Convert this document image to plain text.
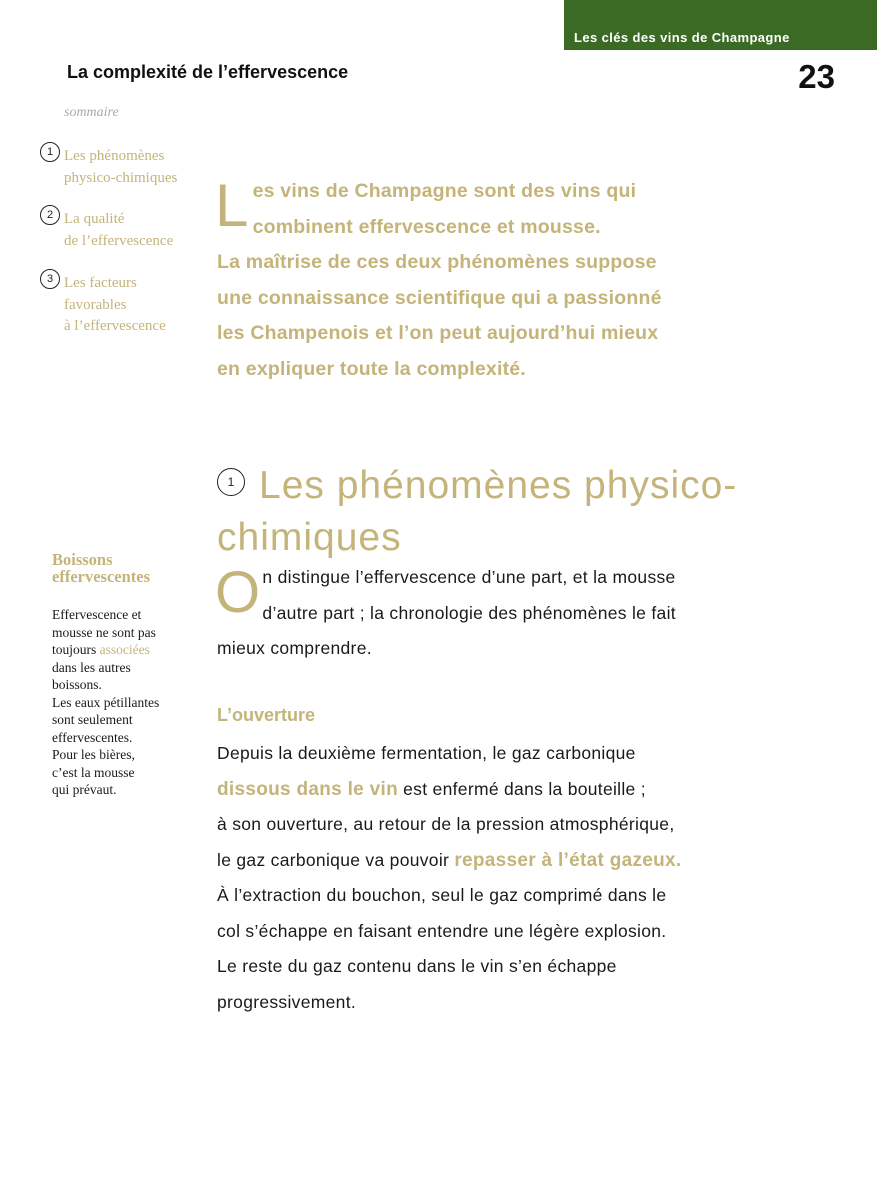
Les clés des vins de Champagne
La complexité de l’effervescence	23
sommaire
1 Les phénomènes
physico-chimiques
2 La qualité
de l’effervescence
3 Les facteurs
favorables
à l’effervescence
L es vins de Champagne sont des vins qui
combinent effervescence et mousse.
La maîtrise de ces deux phénomènes suppose
une connaissance scientifique qui a passionné
les Champenois et l’on peut aujourd’hui mieux
en expliquer toute la complexité.
1 Les phénomènes physico-
chimiques
O n distingue l’effervescence d’une part, et la mousse
d’autre part ; la chronologie des phénomènes le fait
mieux comprendre.
L’ouverture
Depuis la deuxième fermentation, le gaz carbonique
dissous dans le vin est enfermé dans la bouteille ;
à son ouverture, au retour de la pression atmosphérique,
le gaz carbonique va pouvoir repasser à l’état gazeux.
À l’extraction du bouchon, seul le gaz comprimé dans le
col s’échappe en faisant entendre une légère explosion.
Le reste du gaz contenu dans le vin s’en échappe
progressivement.
Boissons
effervescentes
Effervescence et
mousse ne sont pas
toujours associées
dans les autres
boissons.
Les eaux pétillantes
sont seulement
effervescentes.
Pour les bières,
c’est la mousse
qui prévaut.
